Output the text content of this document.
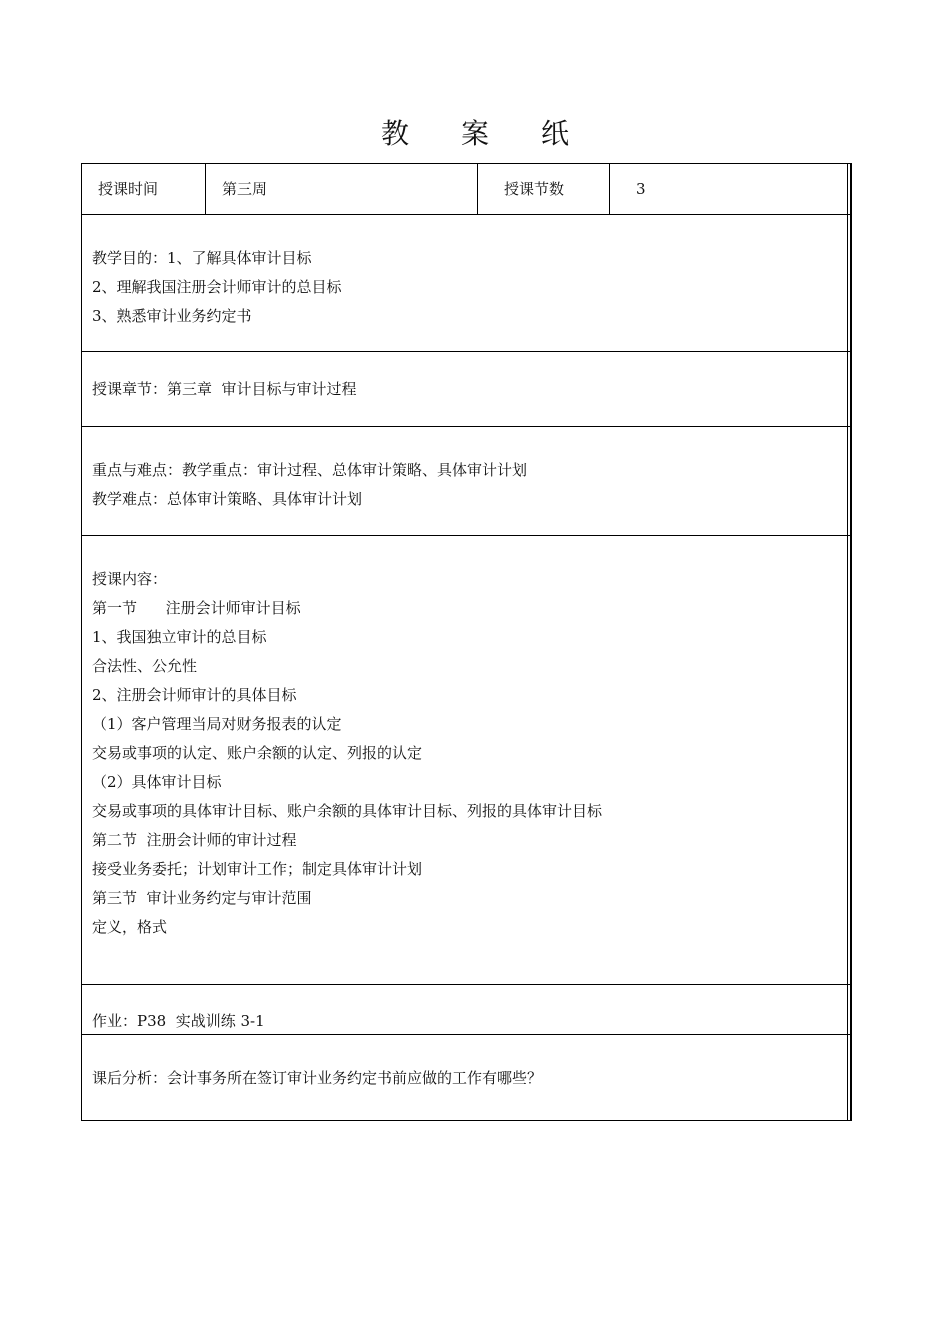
教 案 纸
授课时间	第三周	授课节数	3
教学目的：1、了解具体审计目标
2、理解我国注册会计师审计的总目标
3、熟悉审计业务约定书
授课章节：第三章  审计目标与审计过程
重点与难点：教学重点：审计过程、总体审计策略、具体审计计划
教学难点：总体审计策略、具体审计计划
授课内容：
第一节      注册会计师审计目标
1、我国独立审计的总目标
合法性、公允性
2、注册会计师审计的具体目标
（1）客户管理当局对财务报表的认定
交易或事项的认定、账户余额的认定、列报的认定
（2）具体审计目标
交易或事项的具体审计目标、账户余额的具体审计目标、列报的具体审计目标
第二节  注册会计师的审计过程
接受业务委托；计划审计工作；制定具体审计计划
第三节  审计业务约定与审计范围
定义，格式
作业：P38  实战训练 3-1
课后分析：会计事务所在签订审计业务约定书前应做的工作有哪些？
